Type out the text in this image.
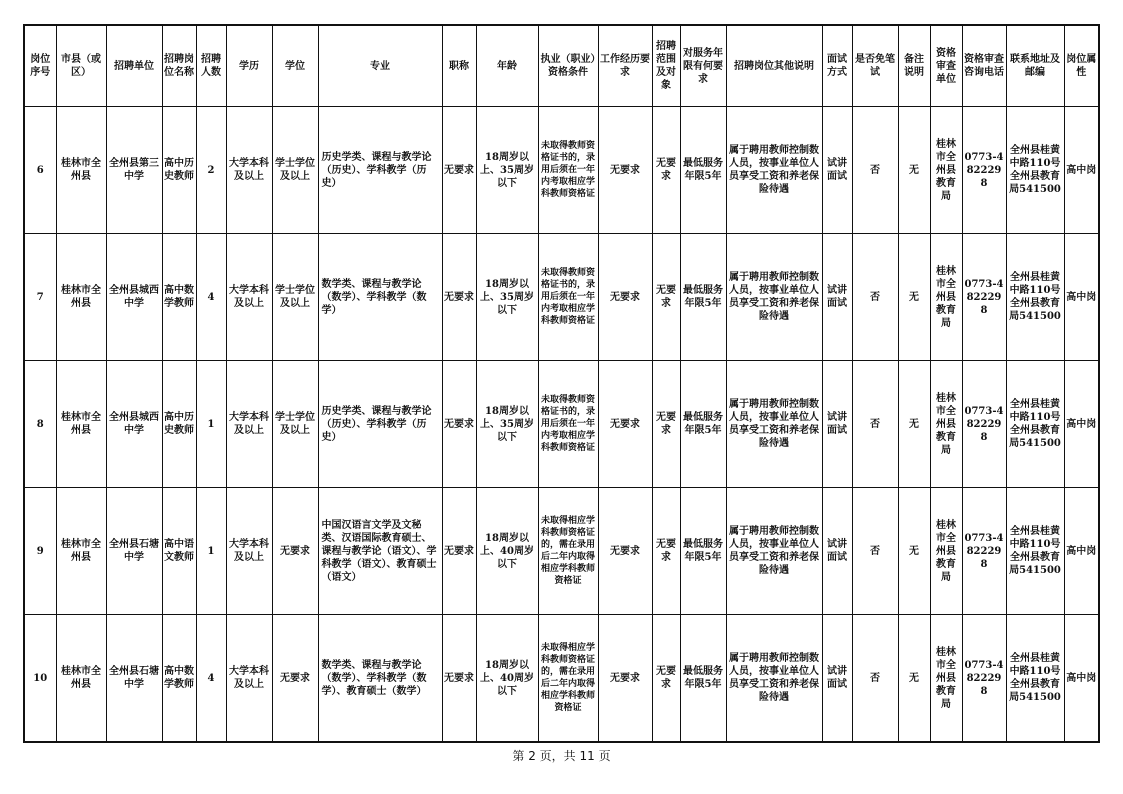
岗位序号	市县（或区）	招聘单位	招聘岗位名称	招聘人数	学历	学位	专业	职称	年龄	执业（职业）资格条件	工作经历要求	招聘范围及对象	对服务年限有何要求	招聘岗位其他说明	面试方式	是否免笔试	备注说明	资格审查单位	资格审查咨询电话	联系地址及邮编	岗位属性
6	桂林市全州县	全州县第三中学	高中历史教师	2	大学本科及以上	学士学位及以上	历史学类、课程与教学论（历史）、学科教学（历史）	无要求	18周岁以上、35周岁以下	未取得教师资格证书的，录用后须在一年内考取相应学科教师资格证	无要求	无要求	最低服务年限5年	属于聘用教师控制数人员，按事业单位人员享受工资和养老保险待遇	试讲面试	否	无	桂林市全州县教育局	0773-4822298	全州县桂黄中路110号全州县教育局541500	高中岗
7	桂林市全州县	全州县城西中学	高中数学教师	4	大学本科及以上	学士学位及以上	数学类、课程与教学论（数学）、学科教学（数学）	无要求	18周岁以上、35周岁以下	未取得教师资格证书的，录用后须在一年内考取相应学科教师资格证	无要求	无要求	最低服务年限5年	属于聘用教师控制数人员，按事业单位人员享受工资和养老保险待遇	试讲面试	否	无	桂林市全州县教育局	0773-4822298	全州县桂黄中路110号全州县教育局541500	高中岗
8	桂林市全州县	全州县城西中学	高中历史教师	1	大学本科及以上	学士学位及以上	历史学类、课程与教学论（历史）、学科教学（历史）	无要求	18周岁以上、35周岁以下	未取得教师资格证书的，录用后须在一年内考取相应学科教师资格证	无要求	无要求	最低服务年限5年	属于聘用教师控制数人员，按事业单位人员享受工资和养老保险待遇	试讲面试	否	无	桂林市全州县教育局	0773-4822298	全州县桂黄中路110号全州县教育局541500	高中岗
9	桂林市全州县	全州县石塘中学	高中语文教师	1	大学本科及以上	无要求	中国汉语言文学及文秘类、汉语国际教育硕士、课程与教学论（语文）、学科教学（语文）、教育硕士（语文）	无要求	18周岁以上、40周岁以下	未取得相应学科教师资格证的，需在录用后二年内取得相应学科教师资格证	无要求	无要求	最低服务年限5年	属于聘用教师控制数人员，按事业单位人员享受工资和养老保险待遇	试讲面试	否	无	桂林市全州县教育局	0773-4822298	全州县桂黄中路110号全州县教育局541500	高中岗
10	桂林市全州县	全州县石塘中学	高中数学教师	4	大学本科及以上	无要求	数学类、课程与教学论（数学）、学科教学（数学）、教育硕士（数学）	无要求	18周岁以上、40周岁以下	未取得相应学科教师资格证的，需在录用后二年内取得相应学科教师资格证	无要求	无要求	最低服务年限5年	属于聘用教师控制数人员，按事业单位人员享受工资和养老保险待遇	试讲面试	否	无	桂林市全州县教育局	0773-4822298	全州县桂黄中路110号全州县教育局541500	高中岗
第 2 页，共 11 页
